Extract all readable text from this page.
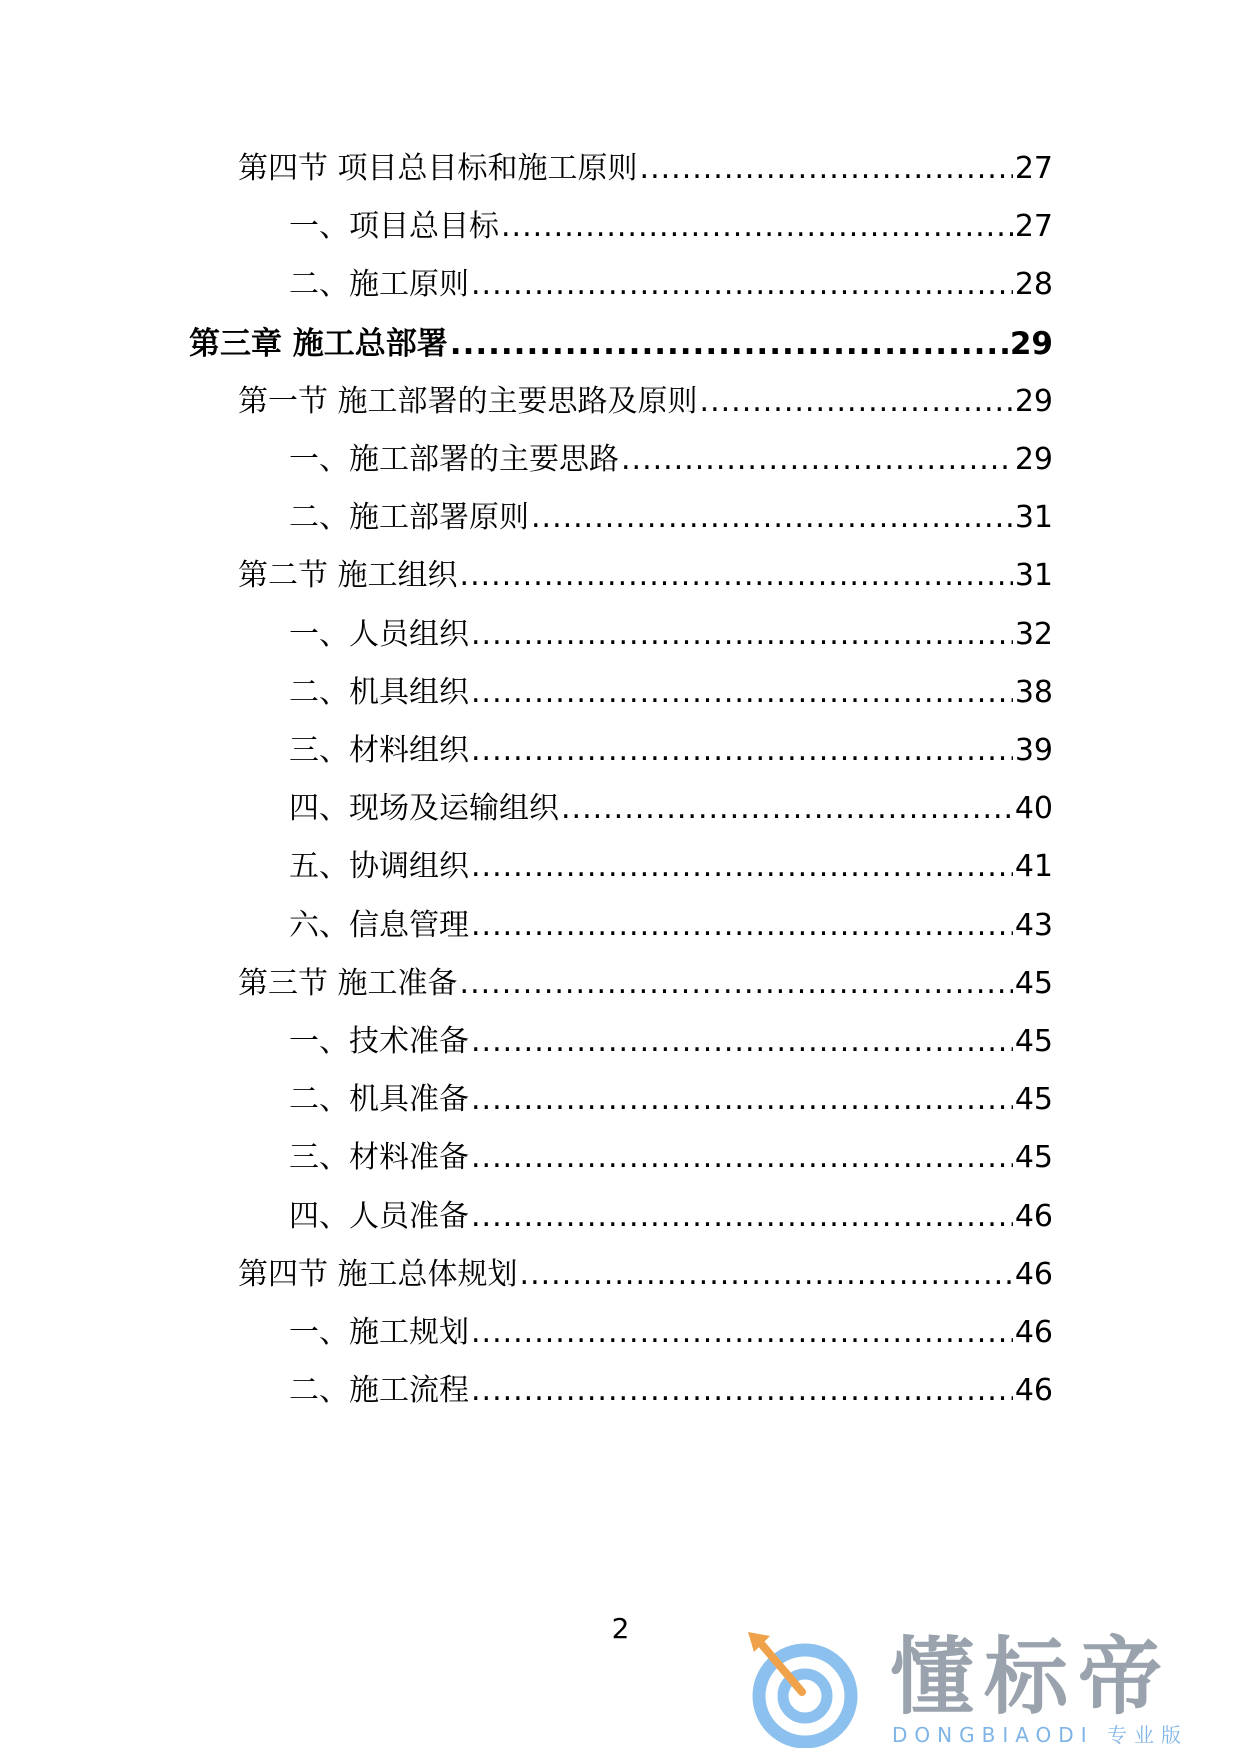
第四节 项目总目标和施工原则 .....	27
一、项目总目标 .....	27
二、施工原则 .....	28
第三章 施工总部署 .....	29
第一节 施工部署的主要思路及原则 .....	29
一、施工部署的主要思路 .....	29
二、施工部署原则 .....	31
第二节 施工组织 .....	31
一、人员组织 .....	32
二、机具组织 .....	38
三、材料组织 .....	39
四、现场及运输组织 .....	40
五、协调组织 .....	41
六、信息管理 .....	43
第三节 施工准备 .....	45
一、技术准备 .....	45
二、机具准备 .....	45
三、材料准备 .....	45
四、人员准备 .....	46
第四节 施工总体规划 .....	46
一、施工规划 .....	46
二、施工流程 .....	46
2	懂标帝
DONGBIAODI 专业版
